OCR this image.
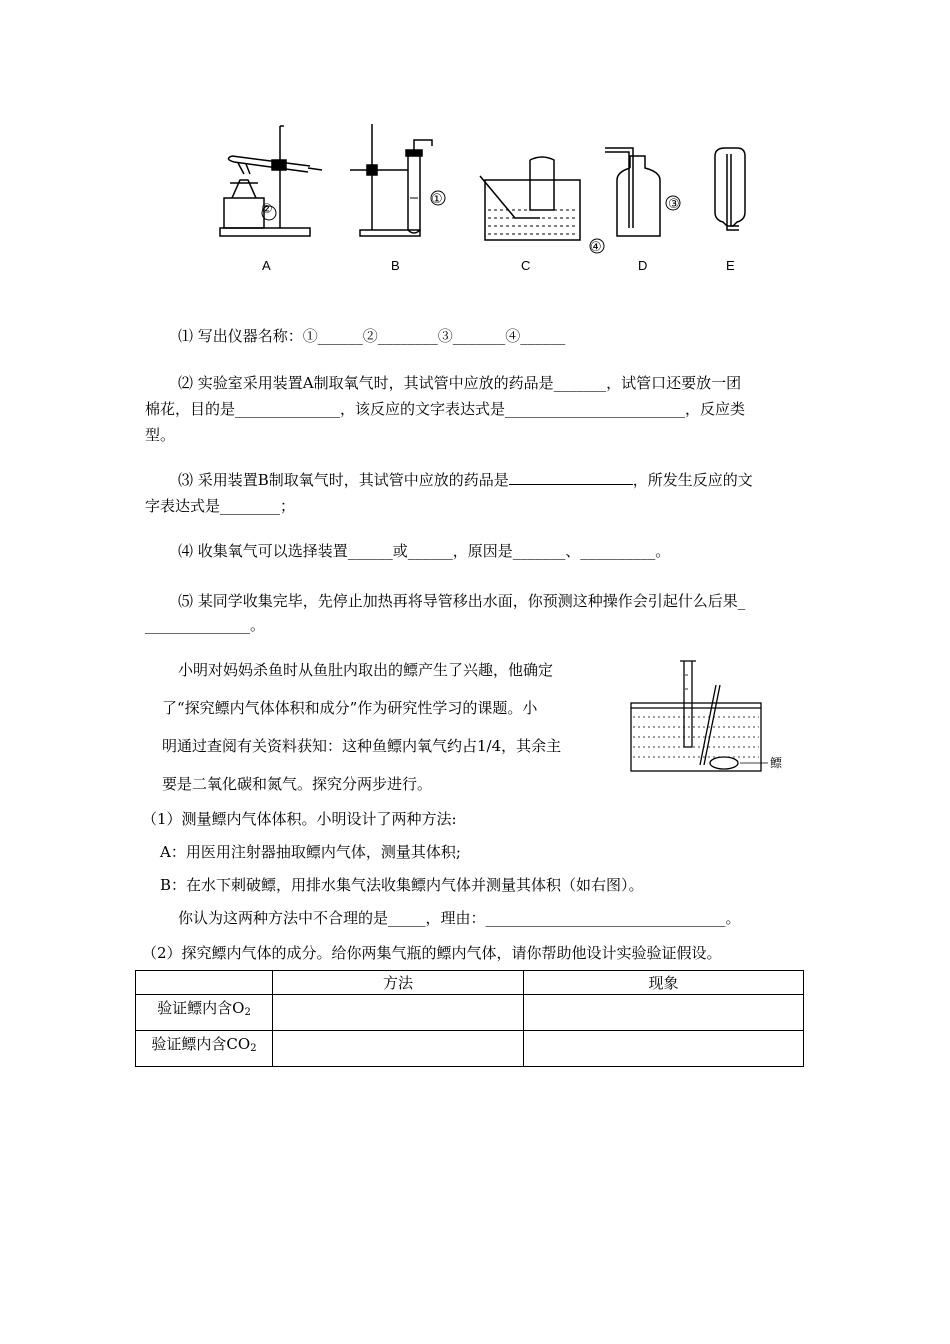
②
①	③
④
A	B	C	D	E
⑴ 写出仪器名称：①______②________③_______④______
⑵ 实验室采用装置A制取氧气时，其试管中应放的药品是_______，试管口还要放一团
棉花，目的是______________，该反应的文字表达式是________________________，反应类
型。
⑶ 采用装置B制取氧气时，其试管中应放的药品是	，所发生反应的文
字表达式是________；
⑷ 收集氧气可以选择装置______或______，原因是_______、__________。
⑸ 某同学收集完毕，先停止加热再将导管移出水面，你预测这种操作会引起什么后果_
______________。
小明对妈妈杀鱼时从鱼肚内取出的鳔产生了兴趣，他确定
了“探究鳔内气体体积和成分”作为研究性学习的课题。小
明通过查阅有关资料获知：这种鱼鳔内氧气约占1/4，其余主
要是二氧化碳和氮气。探究分两步进行。
鳔
（1）测量鳔内气体体积。小明设计了两种方法:
A：用医用注射器抽取鳔内气体，测量其体积;
B：在水下刺破鳔，用排水集气法收集鳔内气体并测量其体积（如右图）。
你认为这两种方法中不合理的是_____，理由：________________________________。
（2）探究鳔内气体的成分。给你两集气瓶的鳔内气体，请你帮助他设计实验验证假设。
	方法	现象
验证鳔内含$O_2$		
验证鳔内含$CO_2$		
